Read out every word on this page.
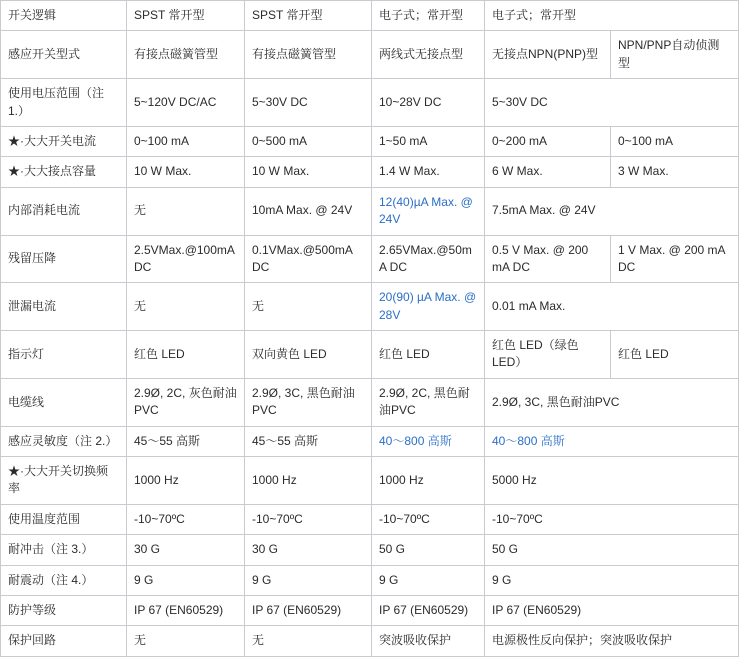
开关逻辑	SPST 常开型	SPST 常开型	电子式；常开型	电子式；常开型	
感应开关型式	有接点磁簧管型	有接点磁簧管型	两线式无接点型	无接点NPN(PNP)型	NPN/PNP自动侦测型
使用电压范围（注 1.）	5~120V DC/AC	5~30V DC	10~28V DC	5~30V DC	
★·大大开关电流	0~100 mA	0~500 mA	1~50 mA	0~200 mA	0~100 mA
★·大大接点容量	10 W Max.	10 W Max.	1.4 W Max.	6 W Max.	3 W Max.
内部消耗电流	无	10mA Max. @ 24V	12(40)µA Max. @ 24V	7.5mA Max. @ 24V	
残留压降	2.5VMax.@100mA DC	0.1VMax.@500mA DC	2.65VMax.@50mA DC	0.5 V Max. @ 200 mA DC	1 V Max. @ 200 mA DC
泄漏电流	无	无	20(90) µA Max. @ 28V	0.01 mA Max.	
指示灯	红色 LED	双向黄色 LED	红色 LED	红色 LED（绿色 LED）	红色 LED
电缆线	2.9Ø, 2C, 灰色耐油PVC	2.9Ø, 3C, 黑色耐油PVC	2.9Ø, 2C, 黑色耐油PVC	2.9Ø, 3C, 黑色耐油PVC	
感应灵敏度（注 2.）	45～55 高斯	45～55 高斯	40～800 高斯	40～800 高斯	
★·大大开关切换频率	1000 Hz	1000 Hz	1000 Hz	5000 Hz	
使用温度范围	-10~70ºC	-10~70ºC	-10~70ºC	-10~70ºC	
耐冲击（注 3.）	30 G	30 G	50 G	50 G	
耐震动（注 4.）	9 G	9 G	9 G	9 G	
防护等级	IP 67 (EN60529)	IP 67 (EN60529)	IP 67 (EN60529)	IP 67 (EN60529)	
保护回路	无	无	突波吸收保护	电源极性反向保护；突波吸收保护	
